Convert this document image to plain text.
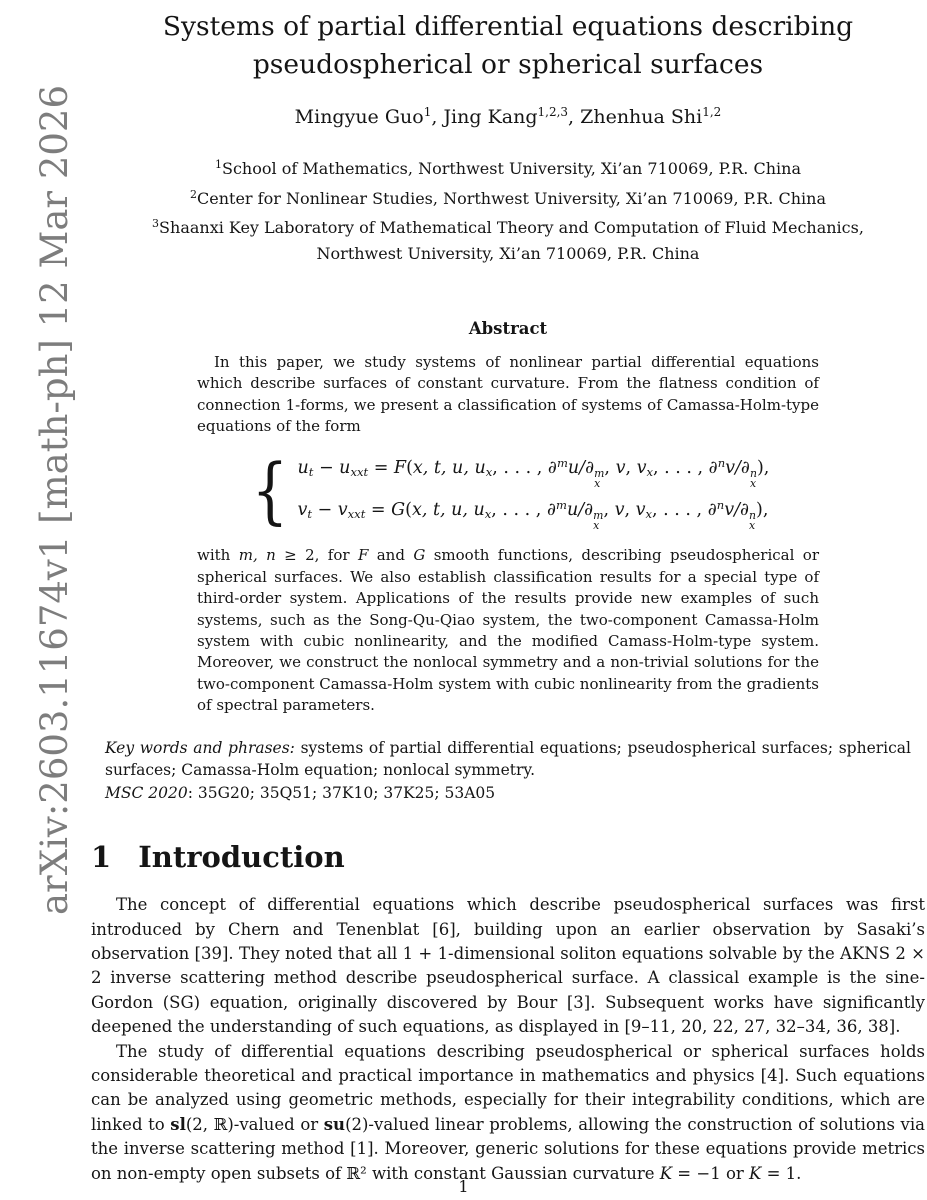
arXiv:2603.11674v1 [math-ph] 12 Mar 2026
Systems of partial differential equations describing
pseudospherical or spherical surfaces
Mingyue Guo$^1$, Jing Kang$^{1,2,3}$, Zhenhua Shi$^{1,2}$
$^1$School of Mathematics, Northwest University, Xi’an 710069, P.R. China
$^2$Center for Nonlinear Studies, Northwest University, Xi’an 710069, P.R. China
$^3$Shaanxi Key Laboratory of Mathematical Theory and Computation of Fluid Mechanics,
Northwest University, Xi’an 710069, P.R. China
Abstract

In this paper, we study systems of nonlinear partial differential equations which describe surfaces of constant curvature. From the flatness condition of connection 1-forms, we present a classification of systems of Camassa-Holm-type equations of the form

{ ut − uxxt = F(x, t, u, ux, . . . , ∂$^m$u/∂ m
x
, v, vx, . . . , ∂$^n$v/∂ n
x
),
vt − vxxt = G(x, t, u, ux, . . . , ∂$^m$u/∂ m
x
, v, vx, . . . , ∂$^n$v/∂ n
x
),

with m, n ≥ 2, for F and G smooth functions, describing pseudospherical or spherical surfaces. We also establish classification results for a special type of third-order system. Applications of the results provide new examples of such systems, such as the Song-Qu-Qiao system, the two-component Camassa-Holm system with cubic nonlinearity, and the modified Camass-Holm-type system. Moreover, we construct the nonlocal symmetry and a non-trivial solutions for the two-component Camassa-Holm system with cubic nonlinearity from the gradients of spectral parameters.

Key words and phrases: systems of partial differential equations; pseudospherical surfaces; spherical surfaces; Camassa-Holm equation; nonlocal symmetry.

MSC 2020: 35G20; 35Q51; 37K10; 37K25; 53A05

1 Introduction

The concept of differential equations which describe pseudospherical surfaces was first introduced by Chern and Tenenblat [6], building upon an earlier observation by Sasaki’s observation [39]. They noted that all 1 + 1-dimensional soliton equations solvable by the AKNS 2 × 2 inverse scattering method describe pseudospherical surface. A classical example is the sine-Gordon (SG) equation, originally discovered by Bour [3]. Subsequent works have significantly deepened the understanding of such equations, as displayed in [9–11, 20, 22, 27, 32–34, 36, 38].

The study of differential equations describing pseudospherical or spherical surfaces holds considerable theoretical and practical importance in mathematics and physics [4]. Such equations can be analyzed using geometric methods, especially for their integrability conditions, which are linked to sl(2, ℝ)-valued or su(2)-valued linear problems, allowing the construction of solutions via the inverse scattering method [1]. Moreover, generic solutions for these equations provide metrics on non-empty open subsets of ℝ² with constant Gaussian curvature K = −1 or K = 1.

1
